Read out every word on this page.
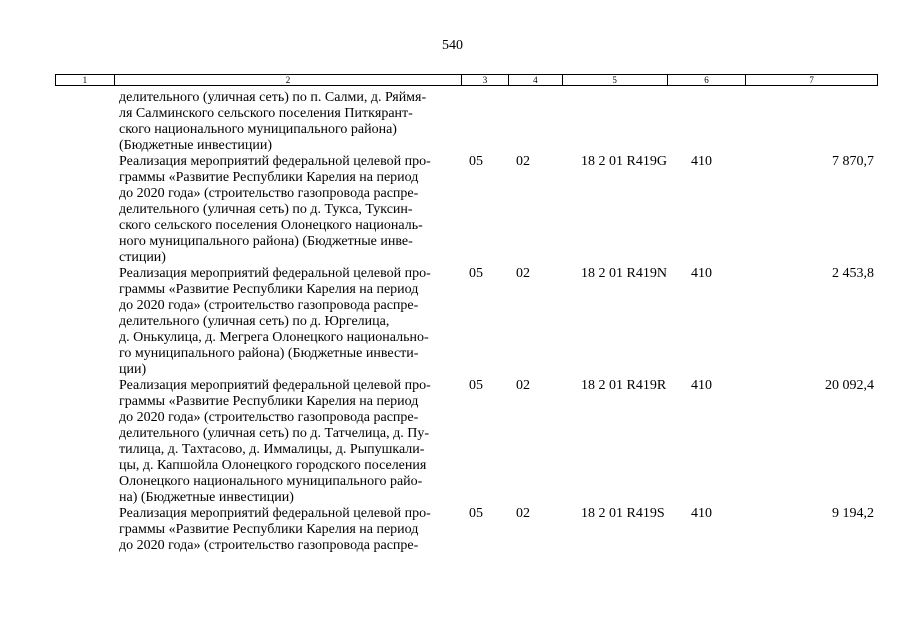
540
1	2	3	4	5	6	7
делительного (уличная сеть) по п. Салми, д. Ряймя-
ля Салминского сельского поселения Питкярант-
ского национального муниципального района)
(Бюджетные инвестиции)
Реализация мероприятий федеральной целевой про-
граммы «Развитие Республики Карелия на период
до 2020 года» (строительство газопровода распре-
делительного (уличная сеть) по д. Тукса, Туксин-
ского сельского поселения Олонецкого националь-
ного муниципального района) (Бюджетные инве-
стиции)
05 02	18 2 01 R419G 410	7 870,7
Реализация мероприятий федеральной целевой про-
граммы «Развитие Республики Карелия на период
до 2020 года» (строительство газопровода распре-
делительного (уличная сеть) по д. Юргелица,
д. Онькулица, д. Мегрега Олонецкого национально-
го муниципального района) (Бюджетные инвести-
ции)
05 02	18 2 01 R419N 410	2 453,8
Реализация мероприятий федеральной целевой про-
граммы «Развитие Республики Карелия на период
до 2020 года» (строительство газопровода распре-
делительного (уличная сеть) по д. Татчелица, д. Пу-
тилица, д. Тахтасово, д. Иммалицы, д. Рыпушкали-
цы, д. Капшойла Олонецкого городского поселения
Олонецкого национального муниципального райо-
на) (Бюджетные инвестиции)
05 02	18 2 01 R419R 410	20 092,4
Реализация мероприятий федеральной целевой про-
граммы «Развитие Республики Карелия на период
до 2020 года» (строительство газопровода распре-
05 02	18 2 01 R419S 410	9 194,2
